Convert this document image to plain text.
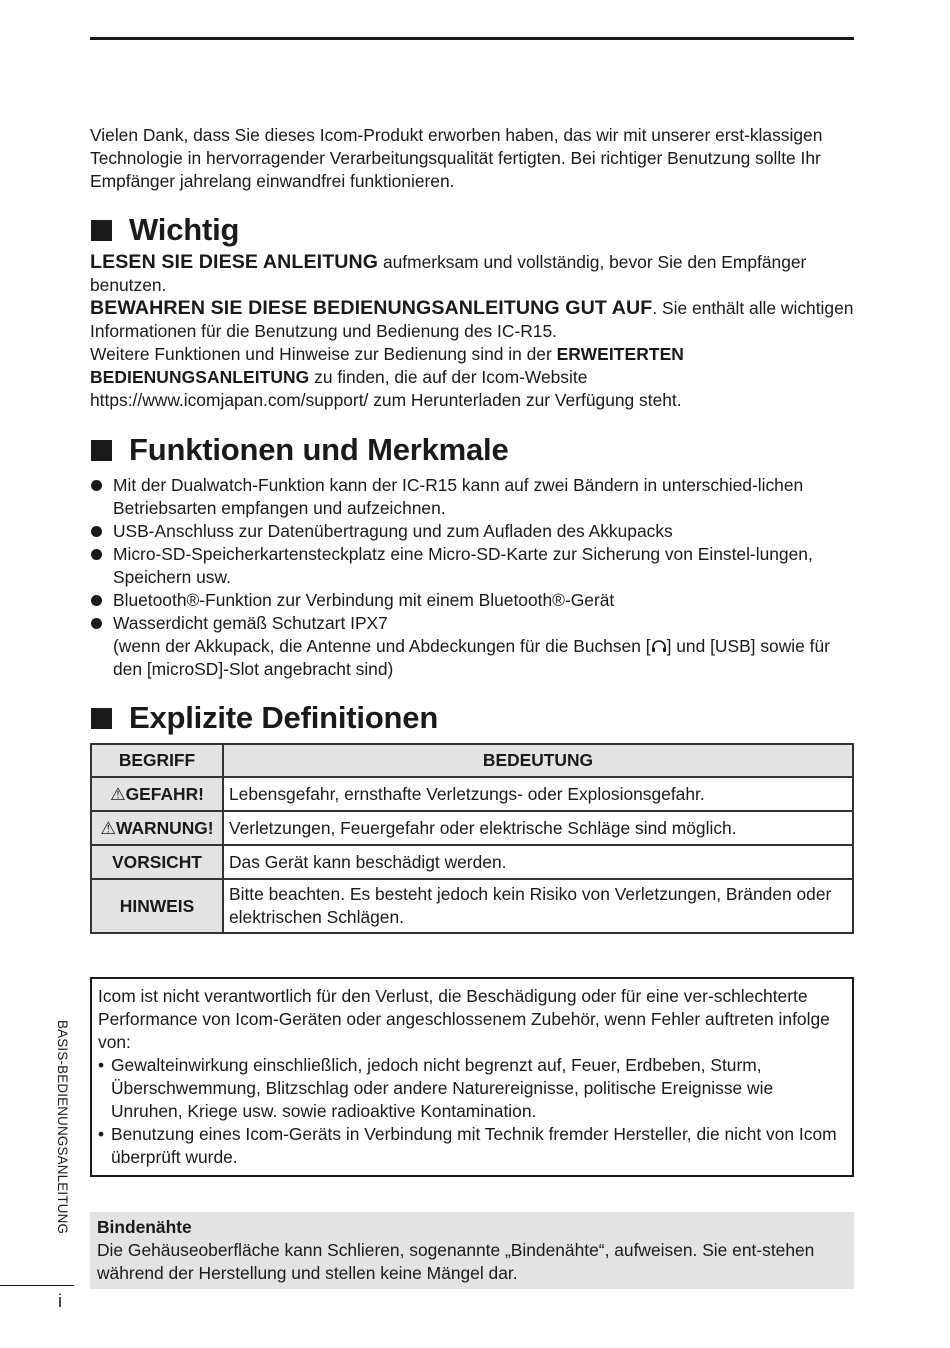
Vielen Dank, dass Sie dieses Icom-Produkt erworben haben, das wir mit unserer erst-klassigen Technologie in hervorragender Verarbeitungsqualität fertigten. Bei richtiger Benutzung sollte Ihr Empfänger jahrelang einwandfrei funktionieren.

Wichtig

LESEN SIE DIESE ANLEITUNG aufmerksam und vollständig, bevor Sie den Empfänger benutzen.

BEWAHREN SIE DIESE BEDIENUNGSANLEITUNG GUT AUF. Sie enthält alle wichtigen Informationen für die Benutzung und Bedienung des IC-R15.

Weitere Funktionen und Hinweise zur Bedienung sind in der ERWEITERTEN BEDIENUNGSANLEITUNG zu finden, die auf der Icom-Website https://www.icomjapan.com/support/ zum Herunterladen zur Verfügung steht.

Funktionen und Merkmale
Mit der Dualwatch-Funktion kann der IC-R15 kann auf zwei Bändern in unterschied-lichen Betriebsarten empfangen und aufzeichnen.
USB-Anschluss zur Datenübertragung und zum Aufladen des Akkupacks
Micro-SD-Speicherkartensteckplatz eine Micro-SD-Karte zur Sicherung von Einstel-lungen, Speichern usw.
Bluetooth®-Funktion zur Verbindung mit einem Bluetooth®-Gerät
Wasserdicht gemäß Schutzart IPX7
(wenn der Akkupack, die Antenne und Abdeckungen für die Buchsen [ ] und [USB] sowie für den [microSD]-Slot angebracht sind)
Explizite Definitionen
BEGRIFF	BEDEUTUNG
⚠GEFAHR!	Lebensgefahr, ernsthafte Verletzungs- oder Explosionsgefahr.
⚠WARNUNG!	Verletzungen, Feuergefahr oder elektrische Schläge sind möglich.
VORSICHT	Das Gerät kann beschädigt werden.
HINWEIS	Bitte beachten. Es besteht jedoch kein Risiko von Verletzungen, Bränden oder elektrischen Schlägen.

Icom ist nicht verantwortlich für den Verlust, die Beschädigung oder für eine ver-schlechterte Performance von Icom-Geräten oder angeschlossenem Zubehör, wenn Fehler auftreten infolge von:

• Gewalteinwirkung einschließlich, jedoch nicht begrenzt auf, Feuer, Erdbeben, Sturm, Überschwemmung, Blitzschlag oder andere Naturereignisse, politische Ereignisse wie Unruhen, Kriege usw. sowie radioaktive Kontamination.
• Benutzung eines Icom-Geräts in Verbindung mit Technik fremder Hersteller, die nicht von Icom überprüft wurde.

Bindenähte

Die Gehäuseoberfläche kann Schlieren, sogenannte „Bindenähte“, aufweisen. Sie ent-stehen während der Herstellung und stellen keine Mängel dar.

BASIS-BEDIENUNGSANLEITUNG
i
